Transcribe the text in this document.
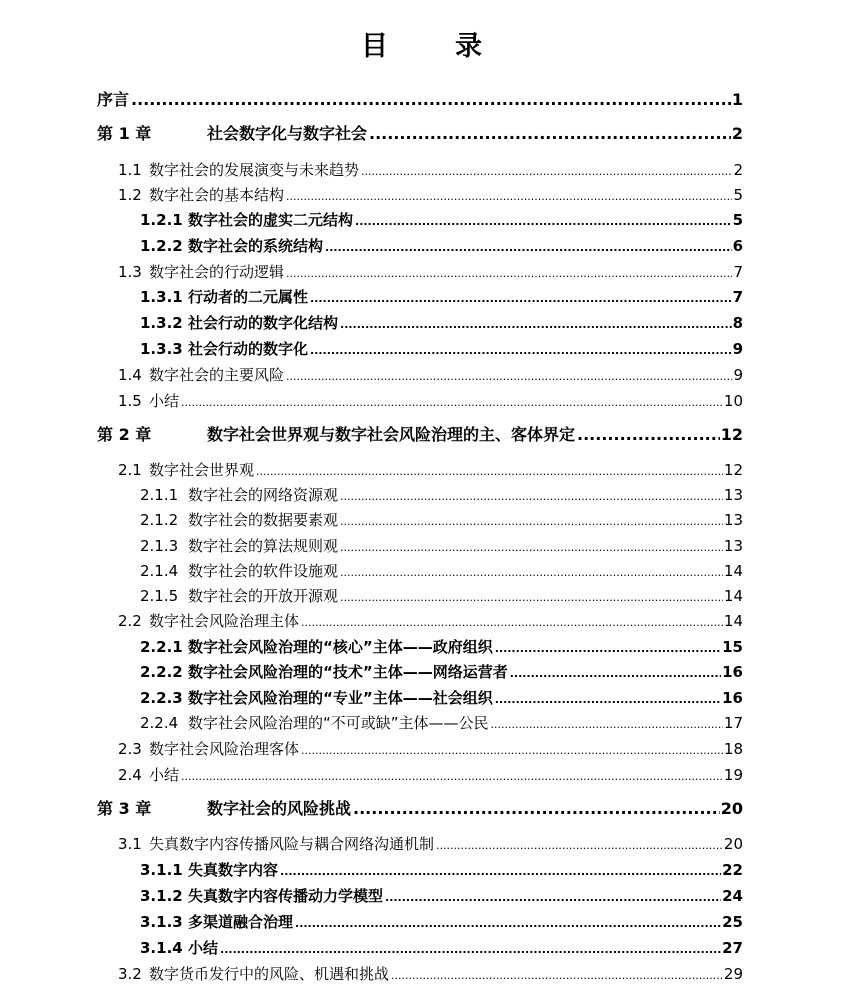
目　录
序言 .....	1
第 1 章	社会数字化与数字社会 .....	2
1.1 数字社会的发展演变与未来趋势 .....	2
1.2 数字社会的基本结构 .....	5
1.2.1 数字社会的虚实二元结构 .....	5
1.2.2 数字社会的系统结构 .....	6
1.3 数字社会的行动逻辑 .....	7
1.3.1 行动者的二元属性 .....	7
1.3.2 社会行动的数字化结构 .....	8
1.3.3 社会行动的数字化 .....	9
1.4 数字社会的主要风险 .....	9
1.5 小结 .....	10
第 2 章	数字社会世界观与数字社会风险治理的主、客体界定 .....	12
2.1 数字社会世界观 .....	12
2.1.1 数字社会的网络资源观 .....	13
2.1.2 数字社会的数据要素观 .....	13
2.1.3 数字社会的算法规则观 .....	13
2.1.4 数字社会的软件设施观 .....	14
2.1.5 数字社会的开放开源观 .....	14
2.2 数字社会风险治理主体 .....	14
2.2.1 数字社会风险治理的“核心”主体——政府组织 .....	15
2.2.2 数字社会风险治理的“技术”主体——网络运营者 .....	16
2.2.3 数字社会风险治理的“专业”主体——社会组织 .....	16
2.2.4 数字社会风险治理的“不可或缺”主体——公民 .....	17
2.3 数字社会风险治理客体 .....	18
2.4 小结 .....	19
第 3 章	数字社会的风险挑战 .....	20
3.1 失真数字内容传播风险与耦合网络沟通机制 .....	20
3.1.1 失真数字内容 .....	22
3.1.2 失真数字内容传播动力学模型 .....	24
3.1.3 多渠道融合治理 .....	25
3.1.4 小结 .....	27
3.2 数字货币发行中的风险、机遇和挑战 .....	29
